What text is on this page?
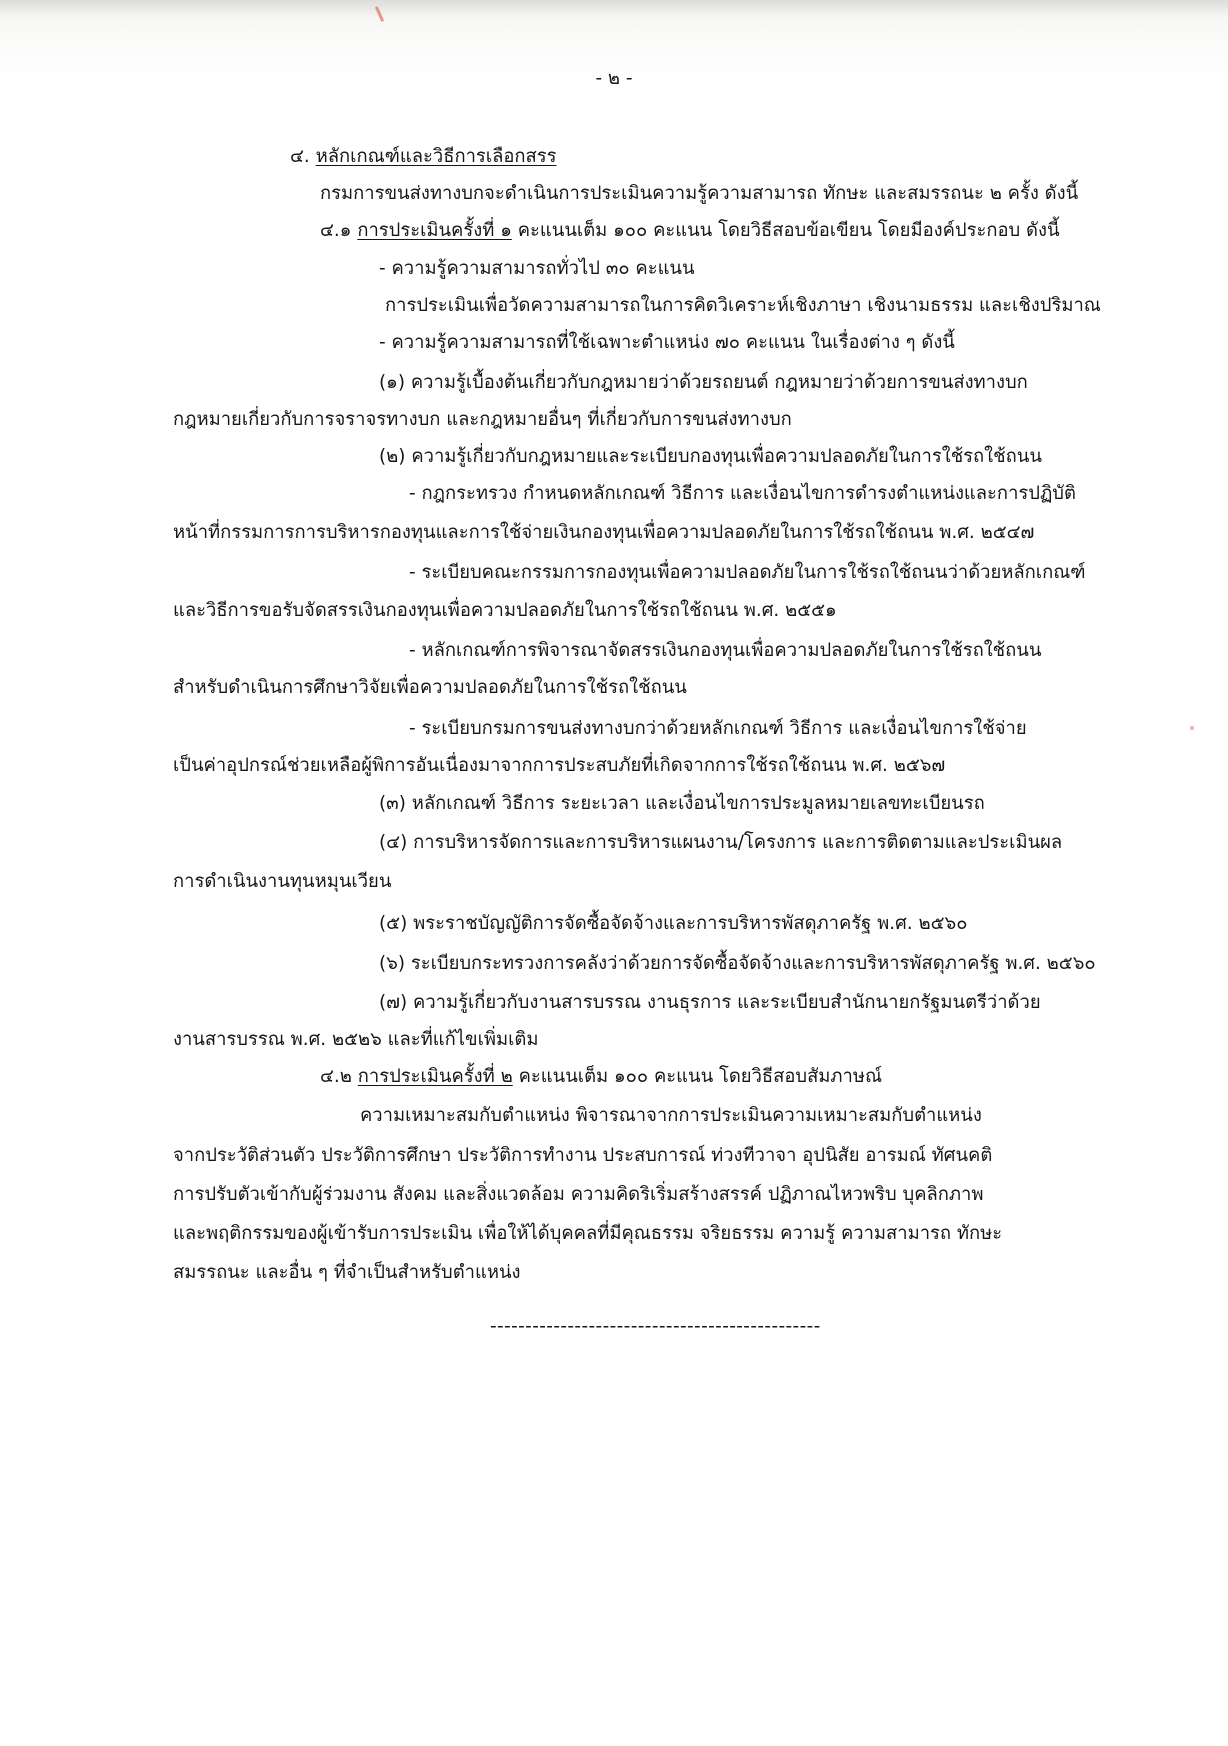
- ๒ -
๔. หลักเกณฑ์และวิธีการเลือกสรร
กรมการขนส่งทางบกจะดำเนินการประเมินความรู้ความสามารถ ทักษะ และสมรรถนะ ๒ ครั้ง ดังนี้
๔.๑ การประเมินครั้งที่ ๑ คะแนนเต็ม ๑๐๐ คะแนน โดยวิธีสอบข้อเขียน โดยมีองค์ประกอบ ดังนี้
- ความรู้ความสามารถทั่วไป ๓๐ คะแนน
การประเมินเพื่อวัดความสามารถในการคิดวิเคราะห์เชิงภาษา เชิงนามธรรม และเชิงปริมาณ
- ความรู้ความสามารถที่ใช้เฉพาะตำแหน่ง ๗๐ คะแนน ในเรื่องต่าง ๆ ดังนี้
(๑) ความรู้เบื้องต้นเกี่ยวกับกฎหมายว่าด้วยรถยนต์ กฎหมายว่าด้วยการขนส่งทางบก
กฎหมายเกี่ยวกับการจราจรทางบก และกฎหมายอื่นๆ ที่เกี่ยวกับการขนส่งทางบก
(๒) ความรู้เกี่ยวกับกฎหมายและระเบียบกองทุนเพื่อความปลอดภัยในการใช้รถใช้ถนน
- กฎกระทรวง กำหนดหลักเกณฑ์ วิธีการ และเงื่อนไขการดำรงตำแหน่งและการปฏิบัติ
หน้าที่กรรมการการบริหารกองทุนและการใช้จ่ายเงินกองทุนเพื่อความปลอดภัยในการใช้รถใช้ถนน พ.ศ. ๒๕๔๗
- ระเบียบคณะกรรมการกองทุนเพื่อความปลอดภัยในการใช้รถใช้ถนนว่าด้วยหลักเกณฑ์
และวิธีการขอรับจัดสรรเงินกองทุนเพื่อความปลอดภัยในการใช้รถใช้ถนน พ.ศ. ๒๕๕๑
- หลักเกณฑ์การพิจารณาจัดสรรเงินกองทุนเพื่อความปลอดภัยในการใช้รถใช้ถนน
สำหรับดำเนินการศึกษาวิจัยเพื่อความปลอดภัยในการใช้รถใช้ถนน
- ระเบียบกรมการขนส่งทางบกว่าด้วยหลักเกณฑ์ วิธีการ และเงื่อนไขการใช้จ่าย
เป็นค่าอุปกรณ์ช่วยเหลือผู้พิการอันเนื่องมาจากการประสบภัยที่เกิดจากการใช้รถใช้ถนน พ.ศ. ๒๕๖๗
(๓) หลักเกณฑ์ วิธีการ ระยะเวลา และเงื่อนไขการประมูลหมายเลขทะเบียนรถ
(๔) การบริหารจัดการและการบริหารแผนงาน/โครงการ และการติดตามและประเมินผล
การดำเนินงานทุนหมุนเวียน
(๕) พระราชบัญญัติการจัดซื้อจัดจ้างและการบริหารพัสดุภาครัฐ พ.ศ. ๒๕๖๐
(๖) ระเบียบกระทรวงการคลังว่าด้วยการจัดซื้อจัดจ้างและการบริหารพัสดุภาครัฐ พ.ศ. ๒๕๖๐
(๗) ความรู้เกี่ยวกับงานสารบรรณ งานธุรการ และระเบียบสำนักนายกรัฐมนตรีว่าด้วย
งานสารบรรณ พ.ศ. ๒๕๒๖ และที่แก้ไขเพิ่มเติม
๔.๒ การประเมินครั้งที่ ๒ คะแนนเต็ม ๑๐๐ คะแนน โดยวิธีสอบสัมภาษณ์
ความเหมาะสมกับตำแหน่ง พิจารณาจากการประเมินความเหมาะสมกับตำแหน่ง
จากประวัติส่วนตัว ประวัติการศึกษา ประวัติการทำงาน ประสบการณ์ ท่วงทีวาจา อุปนิสัย อารมณ์ ทัศนคติ
การปรับตัวเข้ากับผู้ร่วมงาน สังคม และสิ่งแวดล้อม ความคิดริเริ่มสร้างสรรค์ ปฏิภาณไหวพริบ บุคลิกภาพ
และพฤติกรรมของผู้เข้ารับการประเมิน เพื่อให้ได้บุคคลที่มีคุณธรรม จริยธรรม ความรู้ ความสามารถ ทักษะ
สมรรถนะ และอื่น ๆ ที่จำเป็นสำหรับตำแหน่ง
-----------------------------------------------
